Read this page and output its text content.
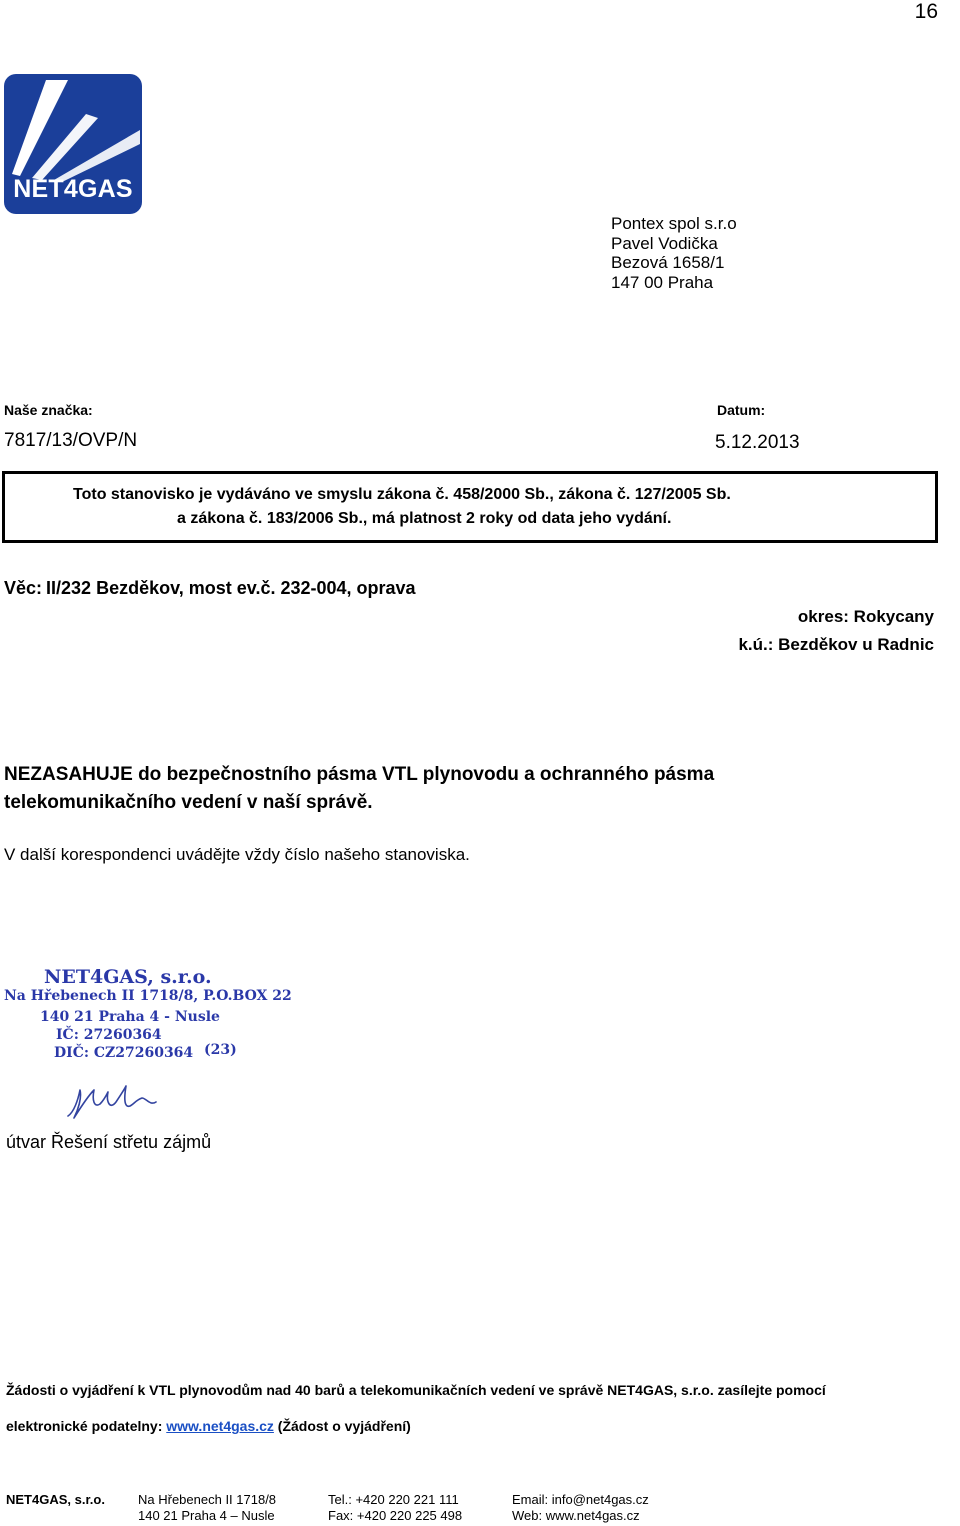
16
NET4GAS
Pontex spol s.r.o
Pavel Vodička
Bezová 1658/1
147 00 Praha
Naše značka:
7817/13/OVP/N
Datum:
5.12.2013
Toto stanovisko je vydáváno ve smyslu zákona č. 458/2000 Sb., zákona č. 127/2005 Sb.
a zákona č. 183/2006 Sb., má platnost 2 roky od data jeho vydání.
Věc: II/232 Bezděkov, most ev.č. 232-004, oprava
okres: Rokycany
k.ú.: Bezděkov u Radnic
NEZASAHUJE do bezpečnostního pásma VTL plynovodu a ochranného pásma
telekomunikačního vedení v naší správě.
V další korespondenci uvádějte vždy číslo našeho stanoviska.
NET4GAS, s.r.o.
Na Hřebenech II 1718/8, P.O.BOX 22
140 21 Praha 4 - Nusle
IČ: 27260364
DIČ: CZ27260364 (23)
útvar Řešení střetu zájmů
Žádosti o vyjádření k VTL plynovodům nad 40 barů a telekomunikačních vedení ve správě NET4GAS, s.r.o. zasílejte pomocí
elektronické podatelny: www.net4gas.cz (Žádost o vyjádření)
NET4GAS, s.r.o.	Na Hřebenech II 1718/8
140 21 Praha 4 – Nusle
Tel.: +420 220 221 111
Fax: +420 220 225 498
Email: info@net4gas.cz
Web: www.net4gas.cz
